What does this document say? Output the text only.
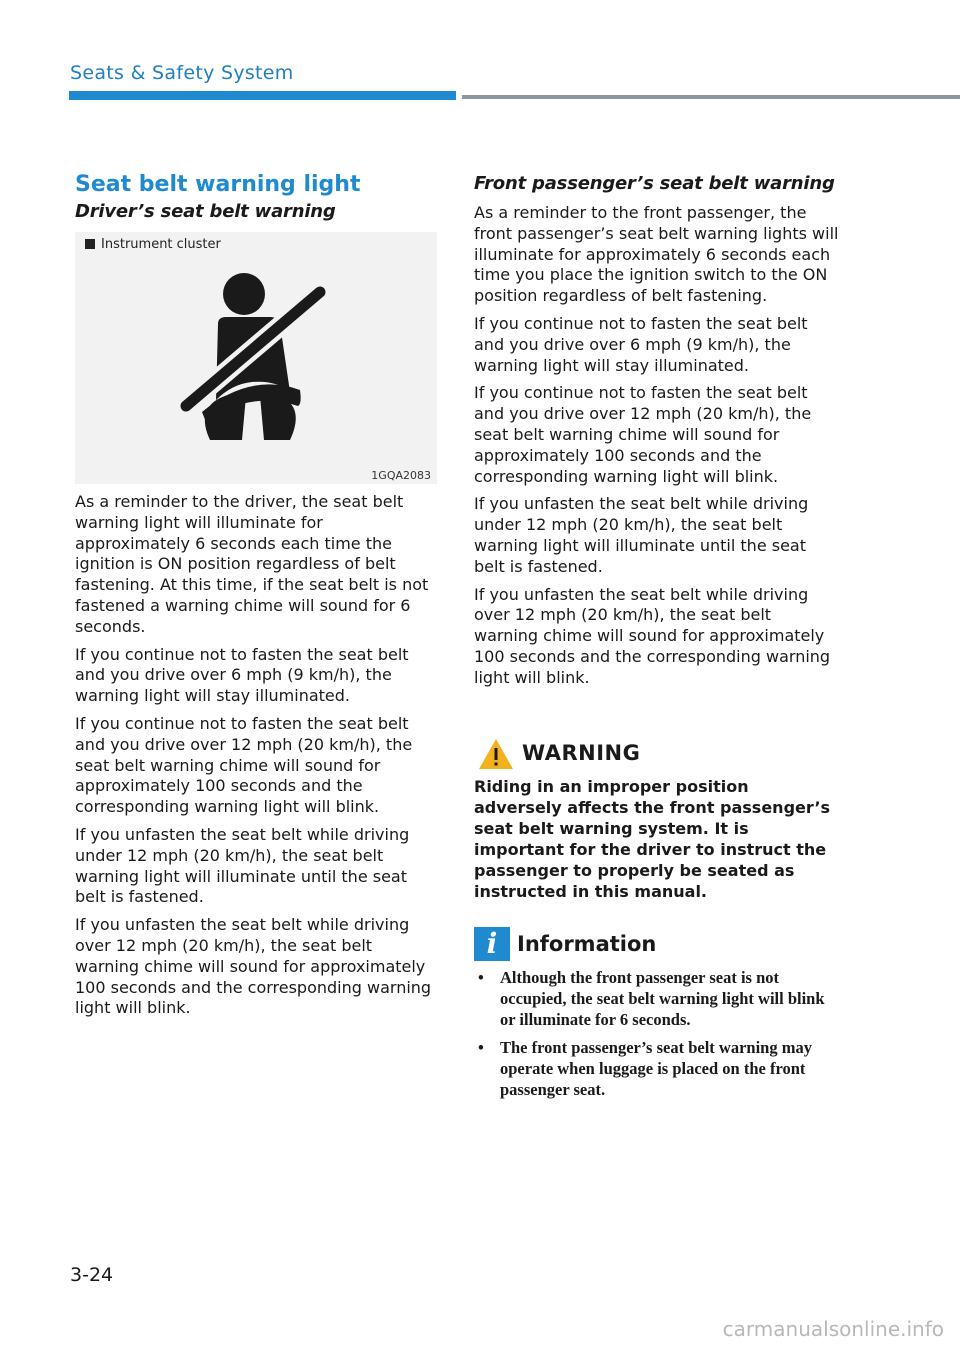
Seats & Safety System
Seat belt warning light
Driver’s seat belt warning
Instrument cluster
1GQA2083

As a reminder to the driver, the seat belt warning light will illuminate for approximately 6 seconds each time the ignition is ON position regardless of belt fastening. At this time, if the seat belt is not fastened a warning chime will sound for 6 seconds.

If you continue not to fasten the seat belt and you drive over 6 mph (9 km/h), the warning light will stay illuminated.

If you continue not to fasten the seat belt and you drive over 12 mph (20 km/h), the seat belt warning chime will sound for approximately 100 seconds and the corresponding warning light will blink.

If you unfasten the seat belt while driving under 12 mph (20 km/h), the seat belt warning light will illuminate until the seat belt is fastened.

If you unfasten the seat belt while driving over 12 mph (20 km/h), the seat belt warning chime will sound for approximately 100 seconds and the corresponding warning light will blink.

Front passenger’s seat belt warning

As a reminder to the front passenger, the front passenger’s seat belt warning lights will illuminate for approximately 6 seconds each time you place the ignition switch to the ON position regardless of belt fastening.

If you continue not to fasten the seat belt and you drive over 6 mph (9 km/h), the warning light will stay illuminated.

If you continue not to fasten the seat belt and you drive over 12 mph (20 km/h), the seat belt warning chime will sound for approximately 100 seconds and the corresponding warning light will blink.

If you unfasten the seat belt while driving under 12 mph (20 km/h), the seat belt warning light will illuminate until the seat belt is fastened.

If you unfasten the seat belt while driving over 12 mph (20 km/h), the seat belt warning chime will sound for approximately 100 seconds and the corresponding warning light will blink.

WARNING
Riding in an improper position adversely affects the front passenger’s seat belt warning system. It is important for the driver to instruct the passenger to properly be seated as instructed in this manual.
i Information
• Although the front passenger seat is not occupied, the seat belt warning light will blink or illuminate for 6 seconds.
• The front passenger’s seat belt warning may operate when luggage is placed on the front passenger seat.
3-24
carmanualsonline.info
